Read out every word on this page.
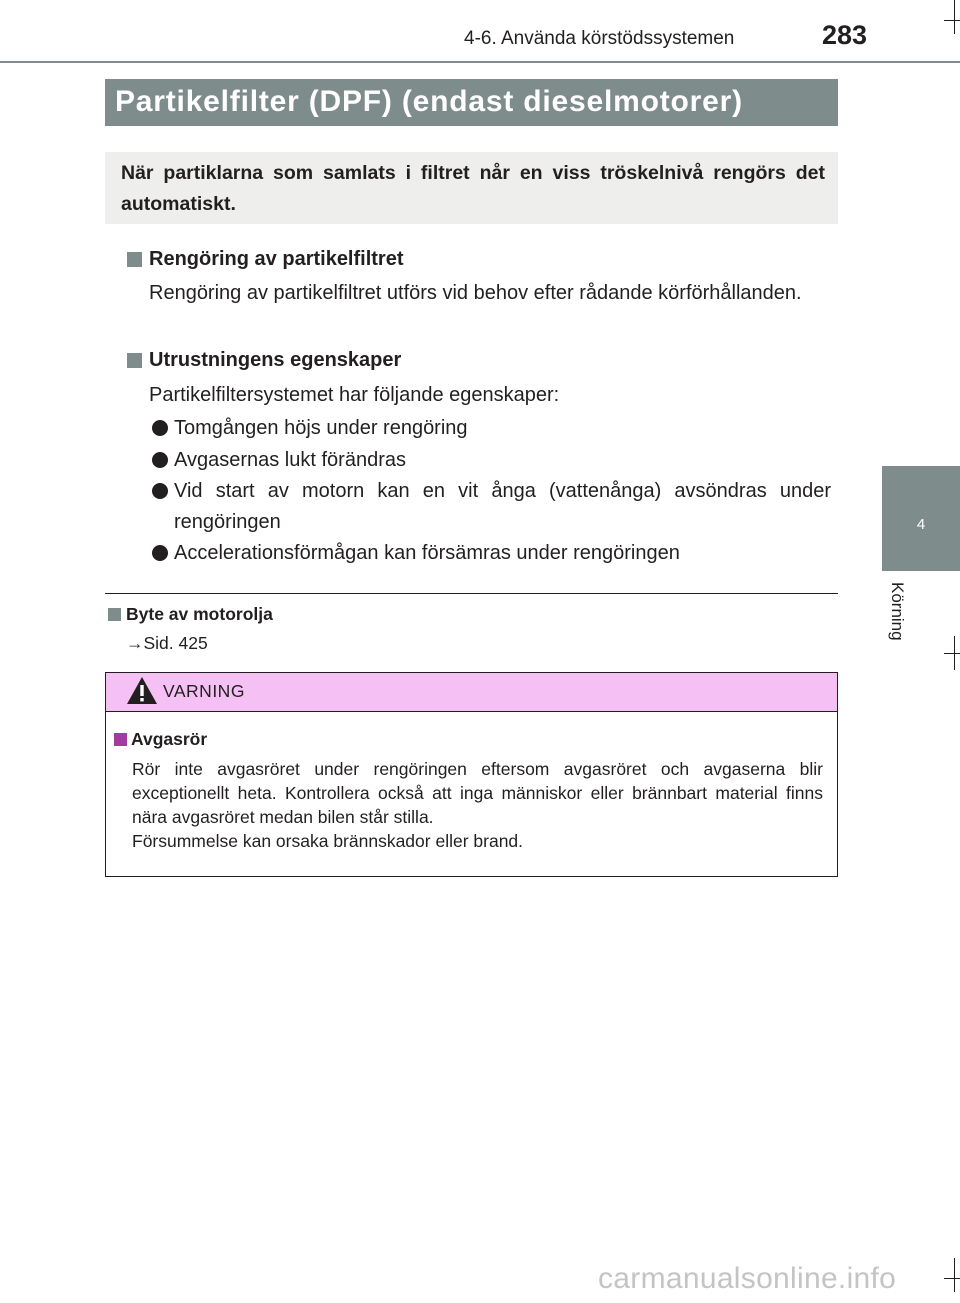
4-6. Använda körstödssystemen	283
4
Körning
Partikelfilter (DPF) (endast dieselmotorer)

När partiklarna som samlats i filtret når en viss tröskelnivå rengörs det automatiskt.

Rengöring av partikelfiltret

Rengöring av partikelfiltret utförs vid behov efter rådande körförhållanden.

Utrustningens egenskaper

Partikelfiltersystemet har följande egenskaper:

Tomgången höjs under rengöring

Avgasernas lukt förändras

Vid start av motorn kan en vit ånga (vattenånga) avsöndras under rengöringen

Accelerationsförmågan kan försämras under rengöringen

Byte av motorolja
→Sid. 425
VARNING
Avgasrör

Rör inte avgasröret under rengöringen eftersom avgasröret och avgaserna blir exceptionellt heta. Kontrollera också att inga människor eller brännbart material finns nära avgasröret medan bilen står stilla.

Försummelse kan orsaka brännskador eller brand.

carmanualsonline.info
